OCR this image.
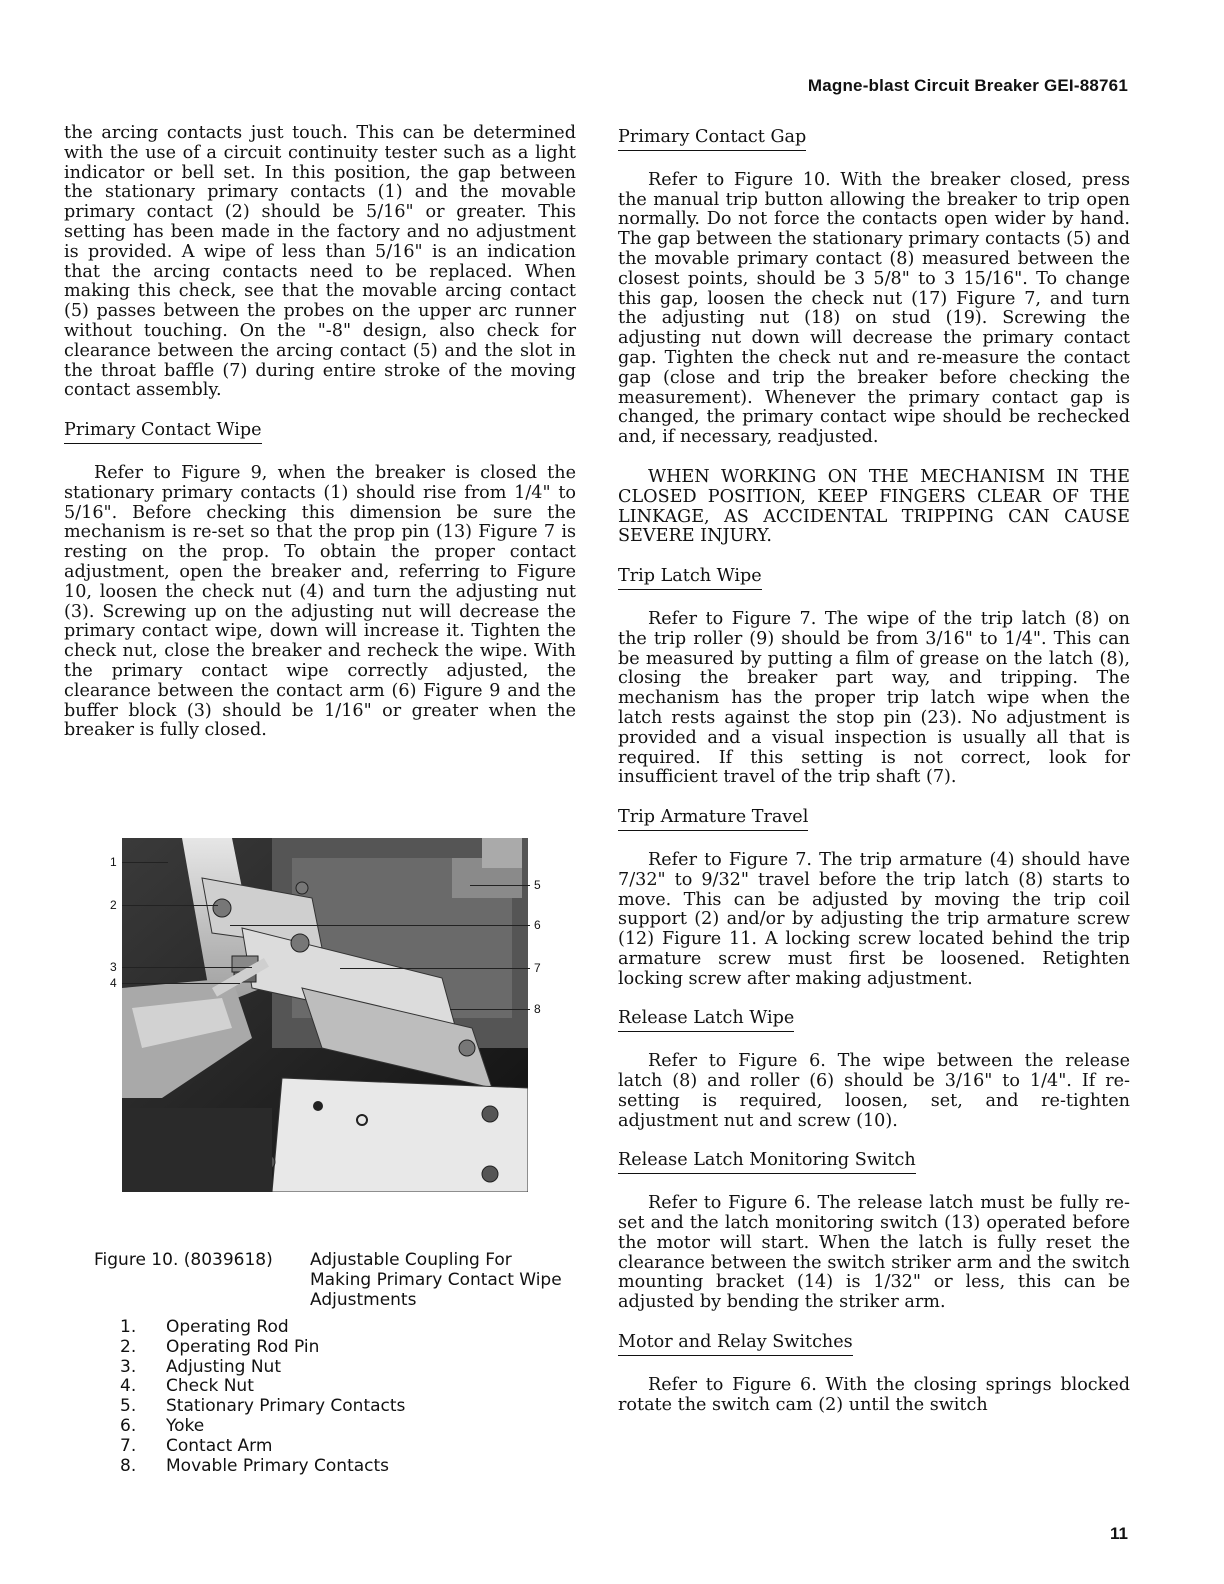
Magne-blast Circuit Breaker GEI-88761

the arcing contacts just touch. This can be determined with the use of a circuit continuity tester such as a light indicator or bell set. In this position, the gap between the stationary primary contacts (1) and the movable primary contact (2) should be 5/16" or greater. This setting has been made in the factory and no adjustment is provided. A wipe of less than 5/16" is an indication that the arcing contacts need to be replaced. When making this check, see that the movable arcing contact (5) passes between the probes on the upper arc runner without touching. On the "-8" design, also check for clearance between the arcing contact (5) and the slot in the throat baffle (7) during entire stroke of the moving contact assembly.

Primary Contact Wipe

Refer to Figure 9, when the breaker is closed the stationary primary contacts (1) should rise from 1/4" to 5/16". Before checking this dimension be sure the mechanism is re-set so that the prop pin (13) Figure 7 is resting on the prop. To obtain the proper contact adjustment, open the breaker and, referring to Figure 10, loosen the check nut (4) and turn the adjusting nut (3). Screwing up on the adjusting nut will decrease the primary contact wipe, down will increase it. Tighten the check nut, close the breaker and recheck the wipe. With the primary contact wipe correctly adjusted, the clearance between the contact arm (6) Figure 9 and the buffer block (3) should be 1/16" or greater when the breaker is fully closed.

1
2
3
4
5
6
7
8
Figure 10. (8039618) Adjustable Coupling For Making Primary Contact Wipe Adjustments
1.	Operating Rod
2.	Operating Rod Pin
3.	Adjusting Nut
4.	Check Nut
5.	Stationary Primary Contacts
6.	Yoke
7.	Contact Arm
8.	Movable Primary Contacts
Primary Contact Gap

Refer to Figure 10. With the breaker closed, press the manual trip button allowing the breaker to trip open normally. Do not force the contacts open wider by hand. The gap between the stationary primary contacts (5) and the movable primary contact (8) measured between the closest points, should be 3 5/8" to 3 15/16". To change this gap, loosen the check nut (17) Figure 7, and turn the adjusting nut (18) on stud (19). Screwing the adjusting nut down will decrease the primary contact gap. Tighten the check nut and re-measure the contact gap (close and trip the breaker before checking the measurement). Whenever the primary contact gap is changed, the primary contact wipe should be rechecked and, if necessary, readjusted.

WHEN WORKING ON THE MECHANISM IN THE CLOSED POSITION, KEEP FINGERS CLEAR OF THE LINKAGE, AS ACCIDENTAL TRIPPING CAN CAUSE SEVERE INJURY.

Trip Latch Wipe

Refer to Figure 7. The wipe of the trip latch (8) on the trip roller (9) should be from 3/16" to 1/4". This can be measured by putting a film of grease on the latch (8), closing the breaker part way, and tripping. The mechanism has the proper trip latch wipe when the latch rests against the stop pin (23). No adjustment is provided and a visual inspection is usually all that is required. If this setting is not correct, look for insufficient travel of the trip shaft (7).

Trip Armature Travel

Refer to Figure 7. The trip armature (4) should have 7/32" to 9/32" travel before the trip latch (8) starts to move. This can be adjusted by moving the trip coil support (2) and/or by adjusting the trip armature screw (12) Figure 11. A locking screw located behind the trip armature screw must first be loosened. Retighten locking screw after making adjustment.

Release Latch Wipe

Refer to Figure 6. The wipe between the release latch (8) and roller (6) should be 3/16" to 1/4". If re-setting is required, loosen, set, and re-tighten adjustment nut and screw (10).

Release Latch Monitoring Switch

Refer to Figure 6. The release latch must be fully re-set and the latch monitoring switch (13) operated before the motor will start. When the latch is fully reset the clearance between the switch striker arm and the switch mounting bracket (14) is 1/32" or less, this can be adjusted by bending the striker arm.

Motor and Relay Switches

Refer to Figure 6. With the closing springs blocked rotate the switch cam (2) until the switch

11
